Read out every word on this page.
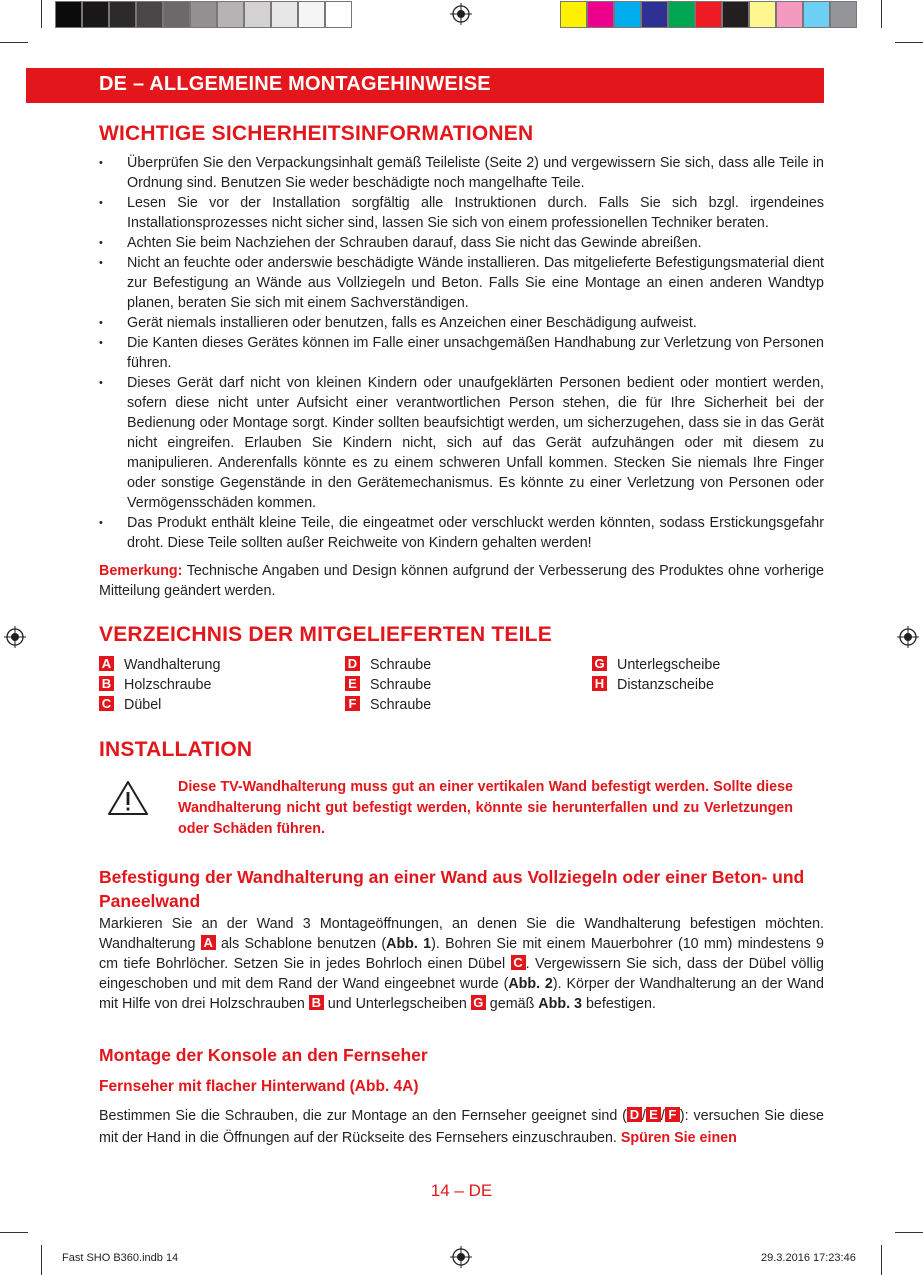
DE – ALLGEMEINE MONTAGEHINWEISE
WICHTIGE SICHERHEITSINFORMATIONEN
• Überprüfen Sie den Verpackungsinhalt gemäß Teileliste (Seite 2) und vergewissern Sie sich, dass alle Teile in Ordnung sind. Benutzen Sie weder beschädigte noch mangelhafte Teile.
• Lesen Sie vor der Installation sorgfältig alle Instruktionen durch. Falls Sie sich bzgl. irgendeines Installationsprozesses nicht sicher sind, lassen Sie sich von einem professionellen Techniker beraten.
• Achten Sie beim Nachziehen der Schrauben darauf, dass Sie nicht das Gewinde abreißen.
• Nicht an feuchte oder anderswie beschädigte Wände installieren. Das mitgelieferte Befestigungsmaterial dient zur Befestigung an Wände aus Vollziegeln und Beton. Falls Sie eine Montage an einen anderen Wandtyp planen, beraten Sie sich mit einem Sachverständigen.
• Gerät niemals installieren oder benutzen, falls es Anzeichen einer Beschädigung aufweist.
• Die Kanten dieses Gerätes können im Falle einer unsachgemäßen Handhabung zur Verletzung von Personen führen.
• Dieses Gerät darf nicht von kleinen Kindern oder unaufgeklärten Personen bedient oder montiert werden, sofern diese nicht unter Aufsicht einer verantwortlichen Person stehen, die für Ihre Sicherheit bei der Bedienung oder Montage sorgt. Kinder sollten beaufsichtigt werden, um sicherzugehen, dass sie in das Gerät nicht eingreifen. Erlauben Sie Kindern nicht, sich auf das Gerät aufzuhängen oder mit diesem zu manipulieren. Anderenfalls könnte es zu einem schweren Unfall kommen. Stecken Sie niemals Ihre Finger oder sonstige Gegenstände in den Gerätemechanismus. Es könnte zu einer Verletzung von Personen oder Vermögensschäden kommen.
• Das Produkt enthält kleine Teile, die eingeatmet oder verschluckt werden könnten, sodass Erstickungsgefahr droht. Diese Teile sollten außer Reichweite von Kindern gehalten werden!
Bemerkung: Technische Angaben und Design können aufgrund der Verbesserung des Produktes ohne vorherige Mitteilung geändert werden.
VERZEICHNIS DER MITGELIEFERTEN TEILE
A Wandhalterung
B Holzschraube
C Dübel
D Schraube
E Schraube
F Schraube
G Unterlegscheibe
H Distanzscheibe
INSTALLATION
Diese TV-Wandhalterung muss gut an einer vertikalen Wand befestigt werden. Sollte diese Wandhalterung nicht gut befestigt werden, könnte sie herunterfallen und zu Verletzungen oder Schäden führen.
Befestigung der Wandhalterung an einer Wand aus Vollziegeln oder einer Beton- und Paneelwand
Markieren Sie an der Wand 3 Montageöffnungen, an denen Sie die Wandhalterung befestigen möchten. Wandhalterung A als Schablone benutzen (Abb. 1). Bohren Sie mit einem Mauerbohrer (10 mm) mindestens 9 cm tiefe Bohrlöcher. Setzen Sie in jedes Bohrloch einen Dübel C . Vergewissern Sie sich, dass der Dübel völlig eingeschoben und mit dem Rand der Wand eingeebnet wurde (Abb. 2). Körper der Wandhalterung an der Wand mit Hilfe von drei Holzschrauben B und Unterlegscheiben G gemäß Abb. 3 befestigen.
Montage der Konsole an den Fernseher
Fernseher mit flacher Hinterwand (Abb. 4A)
Bestimmen Sie die Schrauben, die zur Montage an den Fernseher geeignet sind ( D / E / F ): versuchen Sie diese mit der Hand in die Öffnungen auf der Rückseite des Fernsehers einzuschrauben. Spüren Sie einen
14 – DE
Fast SHO B360.indb 14	29.3.2016 17:23:46
